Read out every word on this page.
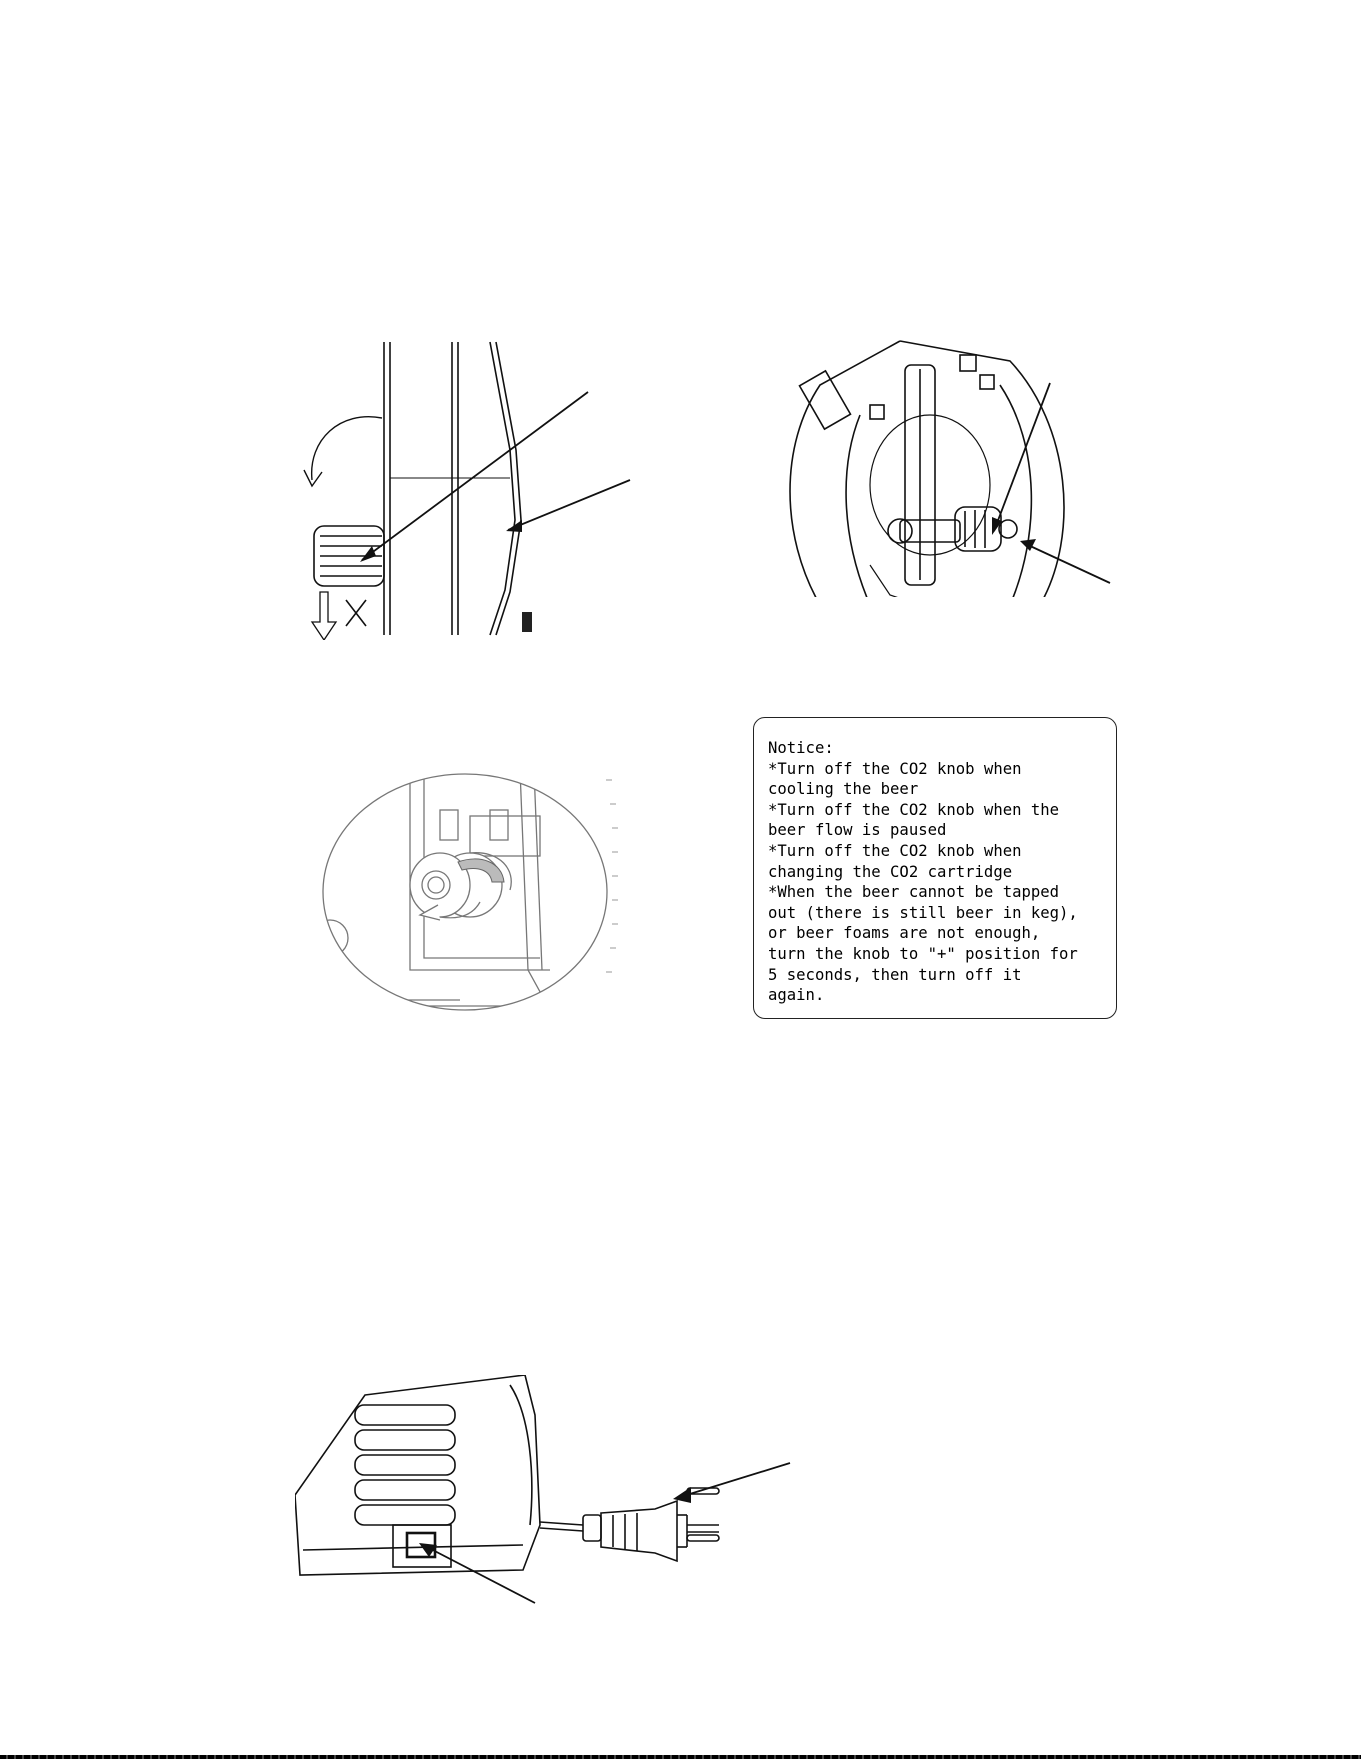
Notice:
*Turn off the CO2 knob when
cooling the beer
*Turn off the CO2 knob when the
beer flow is paused
*Turn off the CO2 knob when
changing the CO2 cartridge
*When the beer cannot be tapped
out (there is still beer in keg),
or beer foams are not enough,
turn the knob to "+" position for
5 seconds, then turn off it
again.
